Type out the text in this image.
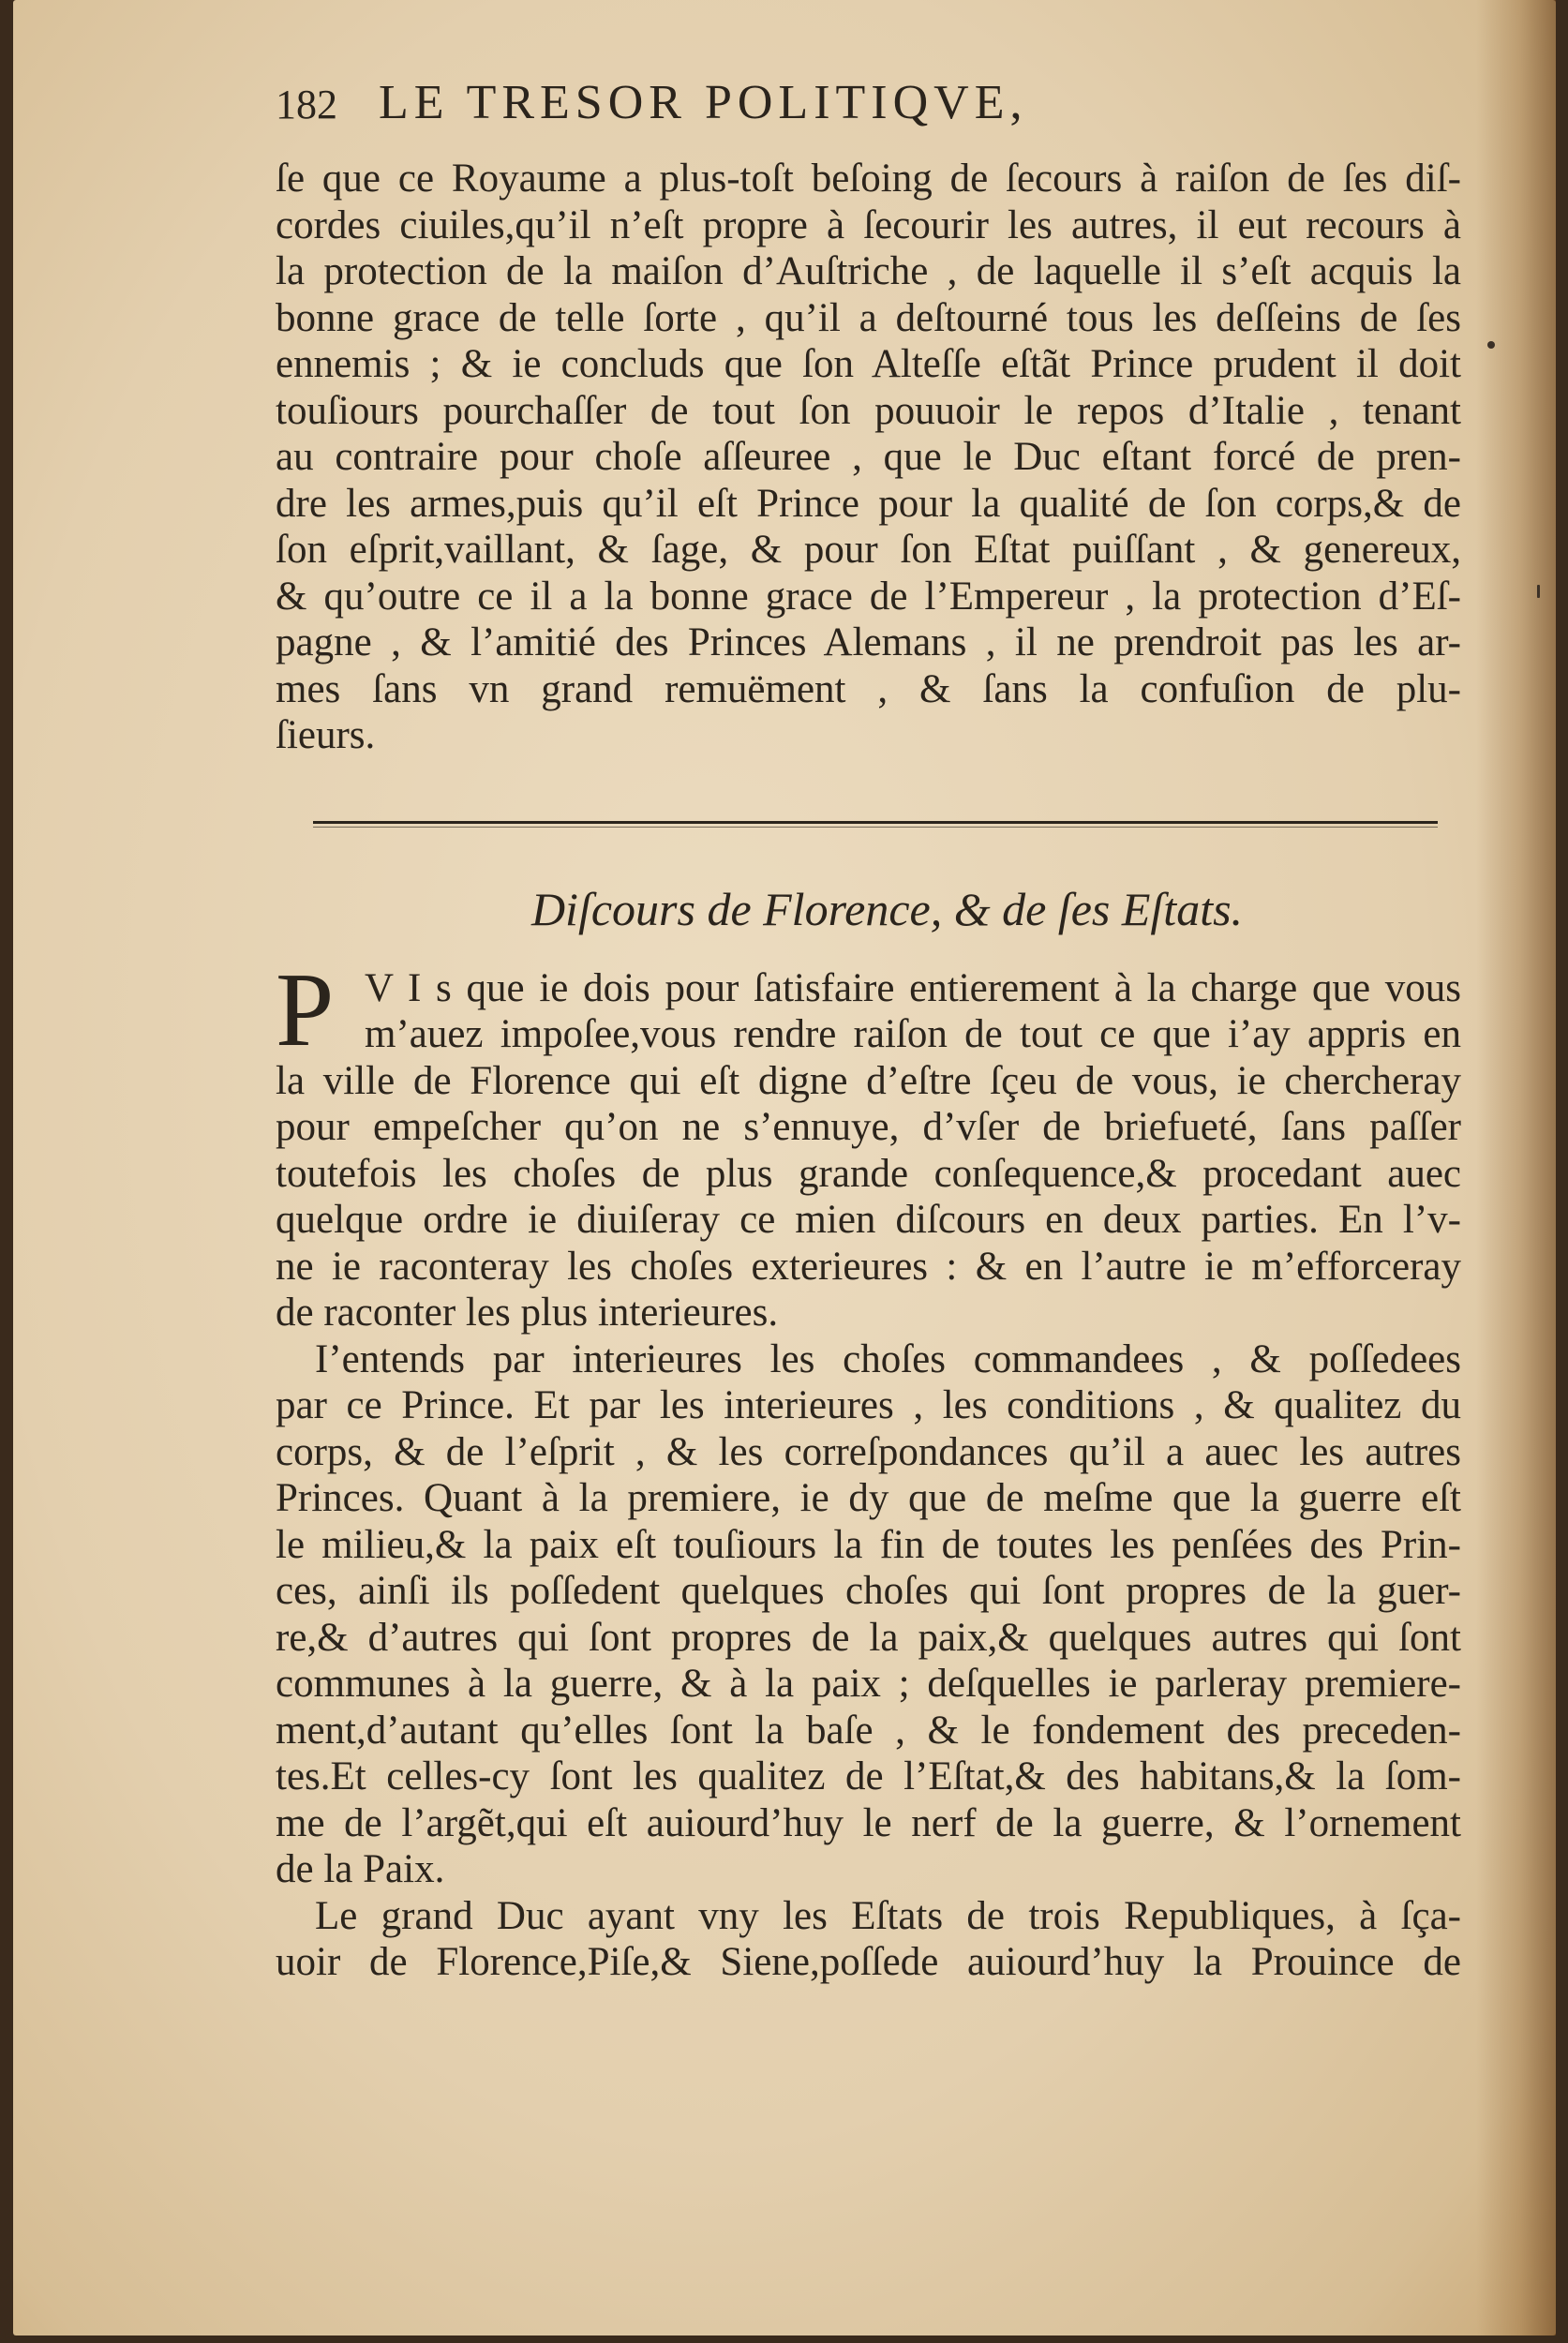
182 LE TRESOR POLITIQVE,
ſe que ce Royaume a plus-toſt beſoing de ſecours à raiſon de ſes diſ-
cordes ciuiles,qu’il n’eſt propre à ſecourir les autres, il eut recours à
la protection de la maiſon d’Auſtriche , de laquelle il s’eſt acquis la
bonne grace de telle ſorte , qu’il a deſtourné tous les deſſeins de ſes
ennemis ; & ie concluds que ſon Alteſſe eſtãt Prince prudent il doit
touſiours pourchaſſer de tout ſon pouuoir le repos d’Italie , tenant
au contraire pour choſe aſſeuree , que le Duc eſtant forcé de pren-
dre les armes,puis qu’il eſt Prince pour la qualité de ſon corps,& de
ſon eſprit,vaillant, & ſage, & pour ſon Eſtat puiſſant , & genereux,
& qu’outre ce il a la bonne grace de l’Empereur , la protection d’Eſ-
pagne , & l’amitié des Princes Alemans , il ne prendroit pas les ar-
mes ſans vn grand remuëment , & ſans la confuſion de plu-
ſieurs.
Diſcours de Florence, & de ſes Eſtats.
P V I s que ie dois pour ſatisfaire entierement à la charge que vous
m’auez impoſee,vous rendre raiſon de tout ce que i’ay appris en
la ville de Florence qui eſt digne d’eſtre ſçeu de vous, ie chercheray
pour empeſcher qu’on ne s’ennuye, d’vſer de briefueté, ſans paſſer
toutefois les choſes de plus grande conſequence,& procedant auec
quelque ordre ie diuiſeray ce mien diſcours en deux parties. En l’v-
ne ie raconteray les choſes exterieures : & en l’autre ie m’efforceray
de raconter les plus interieures.
I’entends par interieures les choſes commandees , & poſſedees
par ce Prince. Et par les interieures , les conditions , & qualitez du
corps, & de l’eſprit , & les correſpondances qu’il a auec les autres
Princes. Quant à la premiere, ie dy que de meſme que la guerre eſt
le milieu,& la paix eſt touſiours la fin de toutes les penſées des Prin-
ces, ainſi ils poſſedent quelques choſes qui ſont propres de la guer-
re,& d’autres qui ſont propres de la paix,& quelques autres qui ſont
communes à la guerre, & à la paix ; deſquelles ie parleray premiere-
ment,d’autant qu’elles ſont la baſe , & le fondement des preceden-
tes.Et celles-cy ſont les qualitez de l’Eſtat,& des habitans,& la ſom-
me de l’argẽt,qui eſt auiourd’huy le nerf de la guerre, & l’ornement
de la Paix.
Le grand Duc ayant vny les Eſtats de trois Republiques, à ſça-
uoir de Florence,Piſe,& Siene,poſſede auiourd’huy la Prouince de
